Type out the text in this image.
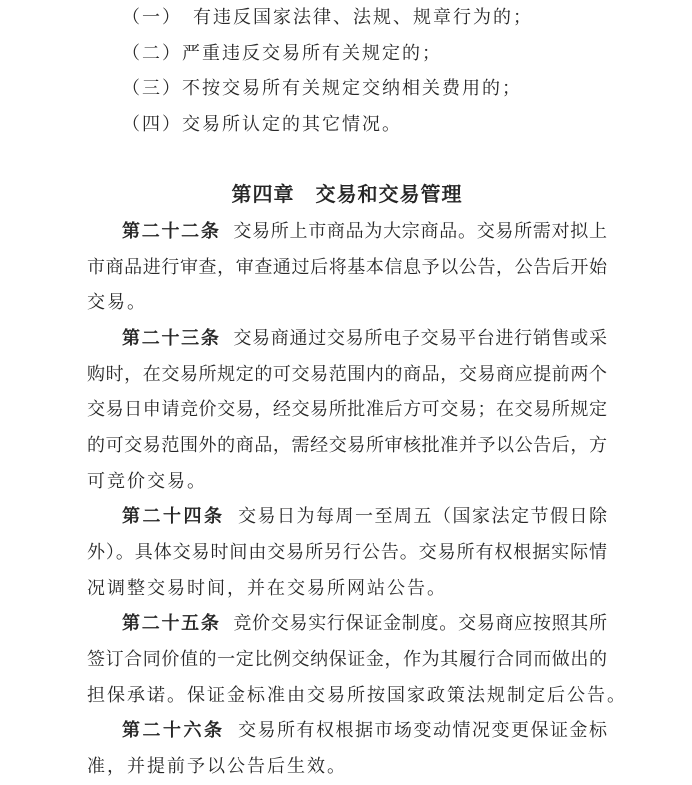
（一）　有违反国家法律、法规、规章行为的；
（二）严重违反交易所有关规定的；
（三）不按交易所有关规定交纳相关费用的；
（四）交易所认定的其它情况。
第四章　交易和交易管理
第二十二条 交易所上市商品为大宗商品。交易所需对拟上
市商品进行审查，审查通过后将基本信息予以公告，公告后开始
交易。
第二十三条 交易商通过交易所电子交易平台进行销售或采
购时，在交易所规定的可交易范围内的商品，交易商应提前两个
交易日申请竞价交易，经交易所批准后方可交易；在交易所规定
的可交易范围外的商品，需经交易所审核批准并予以公告后，方
可竞价交易。
第二十四条 交易日为每周一至周五（国家法定节假日除
外）。具体交易时间由交易所另行公告。交易所有权根据实际情
况调整交易时间，并在交易所网站公告。
第二十五条 竞价交易实行保证金制度。交易商应按照其所
签订合同价值的一定比例交纳保证金，作为其履行合同而做出的
担保承诺。保证金标准由交易所按国家政策法规制定后公告。
第二十六条 交易所有权根据市场变动情况变更保证金标
准，并提前予以公告后生效。
